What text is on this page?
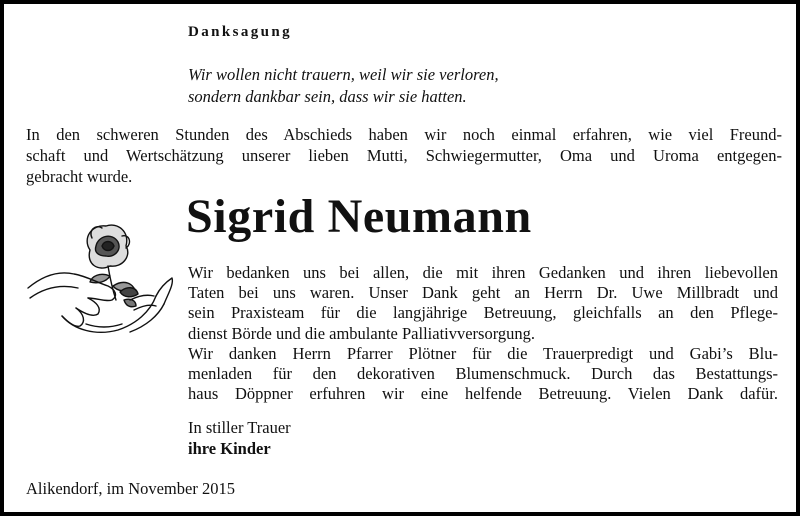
Danksagung
Wir wollen nicht trauern, weil wir sie verloren,
sondern dankbar sein, dass wir sie hatten.
In den schweren Stunden des Abschieds haben wir noch einmal erfahren, wie viel Freund-
schaft und Wertschätzung unserer lieben Mutti, Schwiegermutter, Oma und Uroma entgegen-
gebracht wurde.
Sigrid Neumann
Wir bedanken uns bei allen, die mit ihren Gedanken und ihren liebevollen
Taten bei uns waren. Unser Dank geht an Herrn Dr. Uwe Millbradt und
sein Praxisteam für die langjährige Betreuung, gleichfalls an den Pflege-
dienst Börde und die ambulante Palliativversorgung.
Wir danken Herrn Pfarrer Plötner für die Trauerpredigt und Gabi’s Blu-
menladen für den dekorativen Blumenschmuck. Durch das Bestattungs-
haus Döppner erfuhren wir eine helfende Betreuung. Vielen Dank dafür.
In stiller Trauer
ihre Kinder
Alikendorf, im November 2015
